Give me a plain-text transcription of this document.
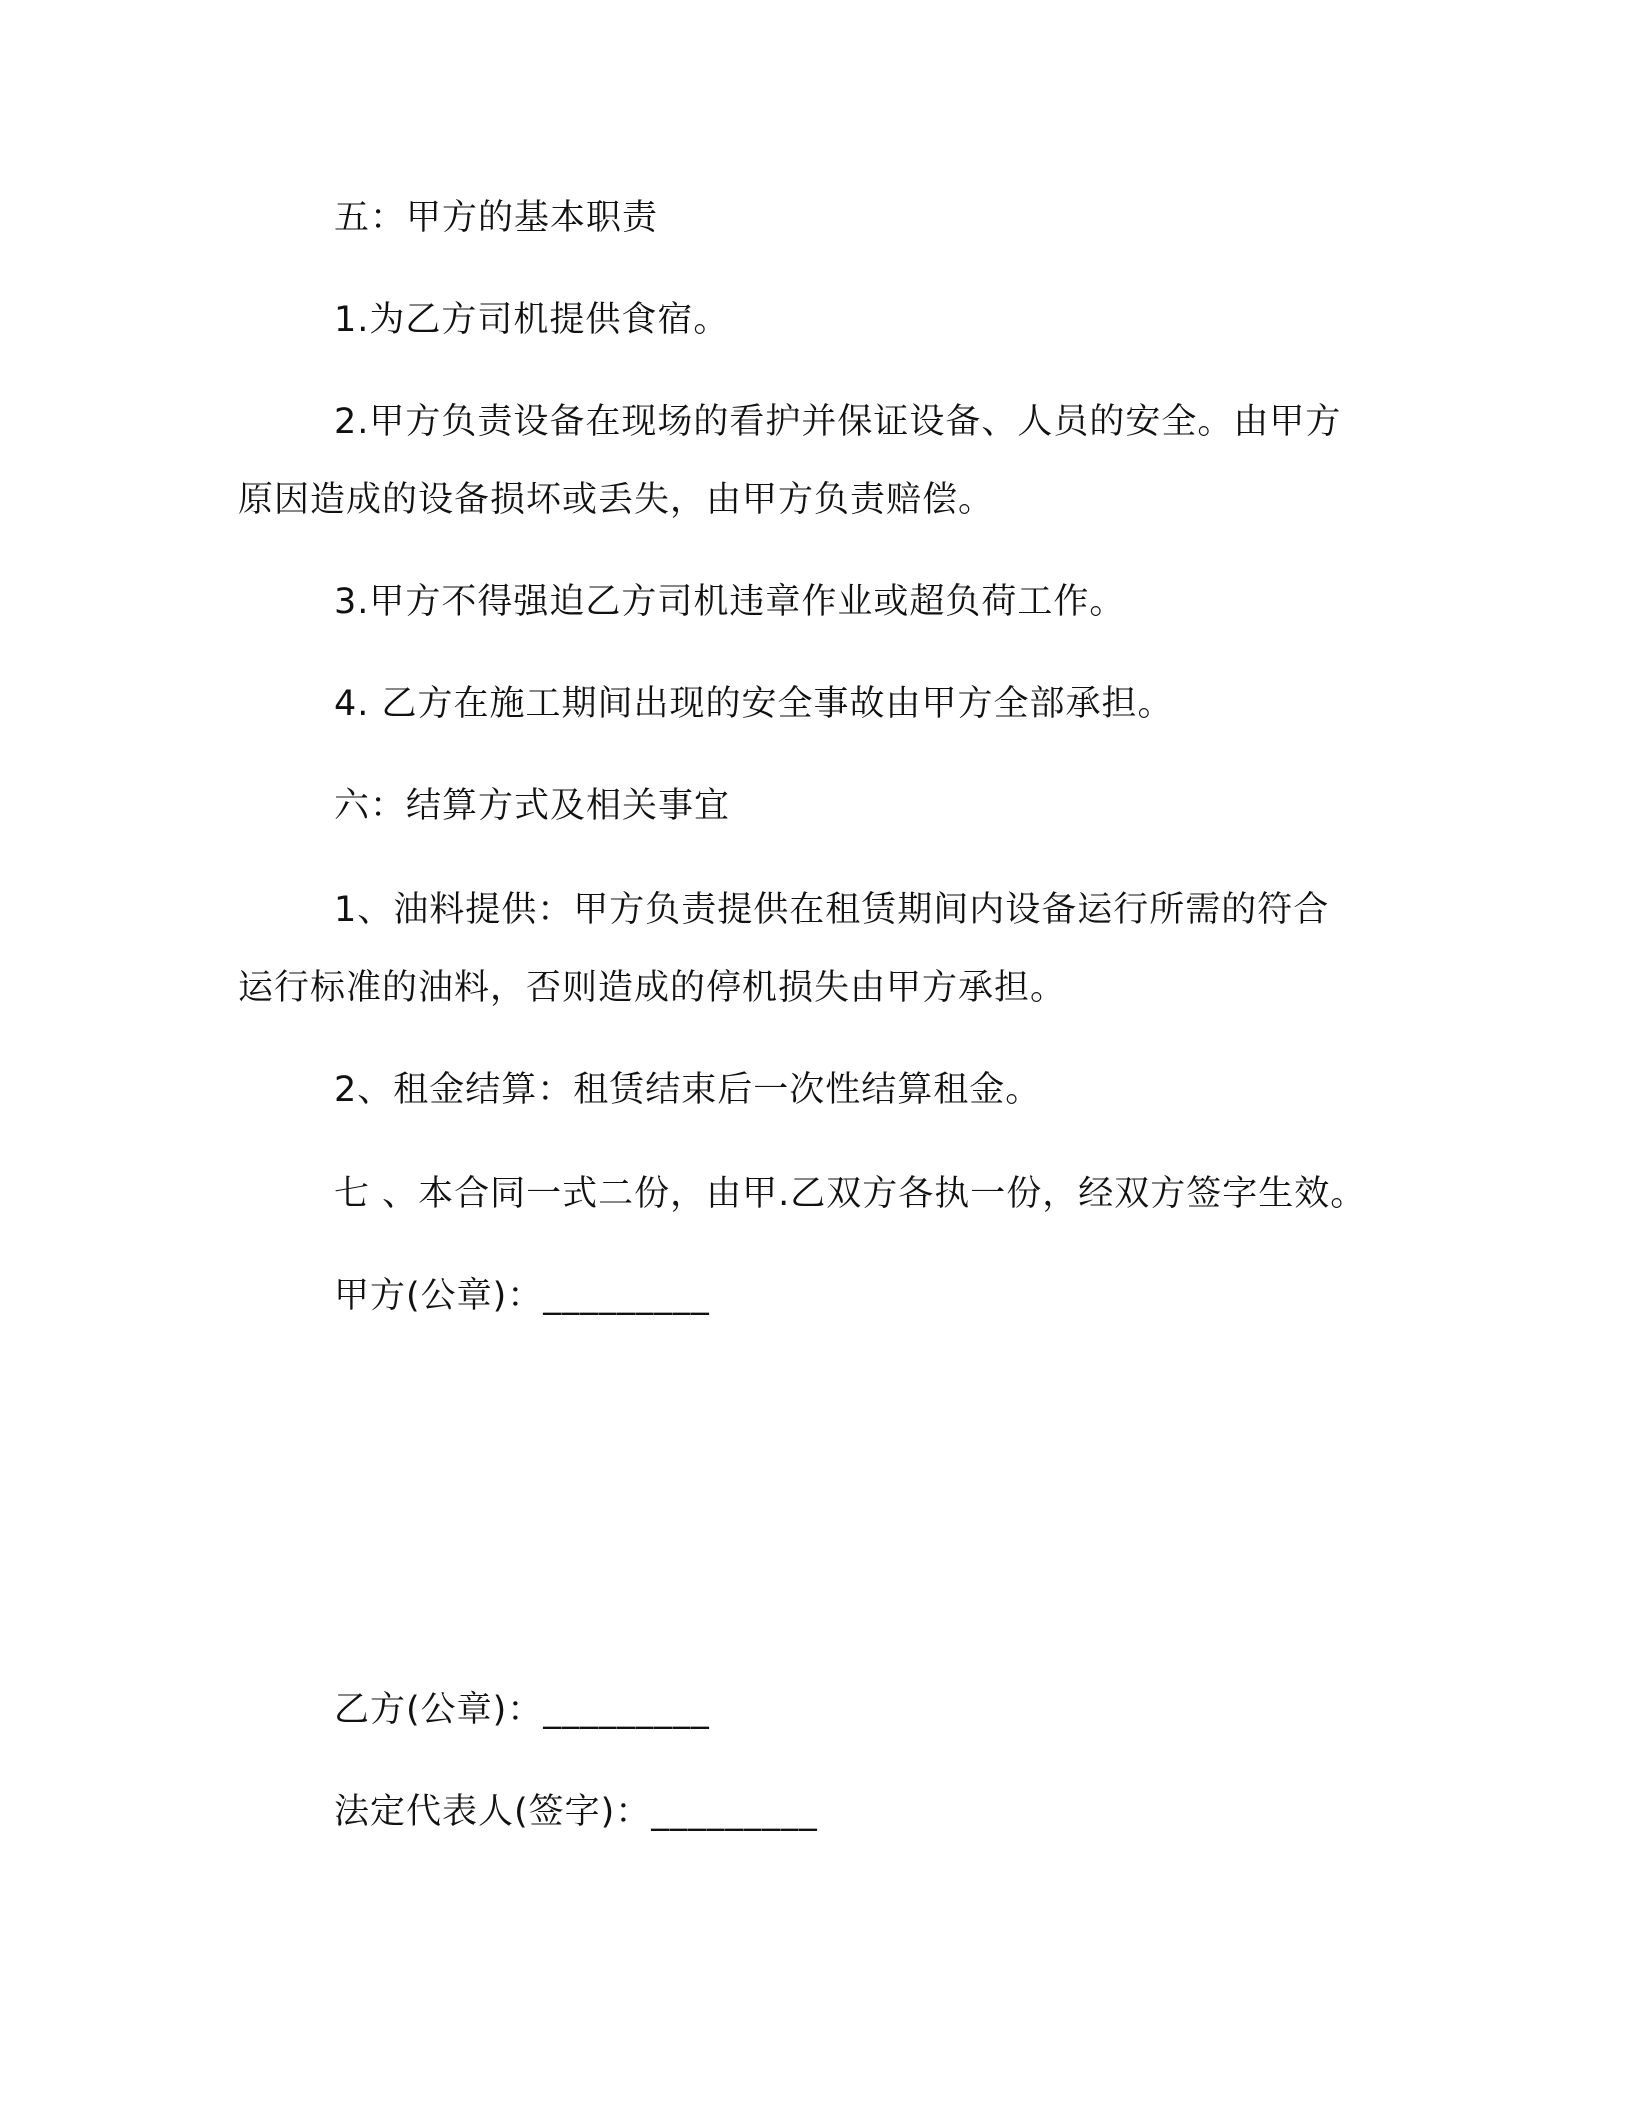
五：甲方的基本职责

1.为乙方司机提供食宿。

2.甲方负责设备在现场的看护并保证设备、人员的安全。由甲方

原因造成的设备损坏或丢失，由甲方负责赔偿。

3.甲方不得强迫乙方司机违章作业或超负荷工作。

4. 乙方在施工期间出现的安全事故由甲方全部承担。

六：结算方式及相关事宜

1、油料提供：甲方负责提供在租赁期间内设备运行所需的符合

运行标准的油料，否则造成的停机损失由甲方承担。

2、租金结算：租赁结束后一次性结算租金。

七 、本合同一式二份，由甲.乙双方各执一份，经双方签字生效。

甲方(公章)：_________

乙方(公章)：_________

法定代表人(签字)：_________
